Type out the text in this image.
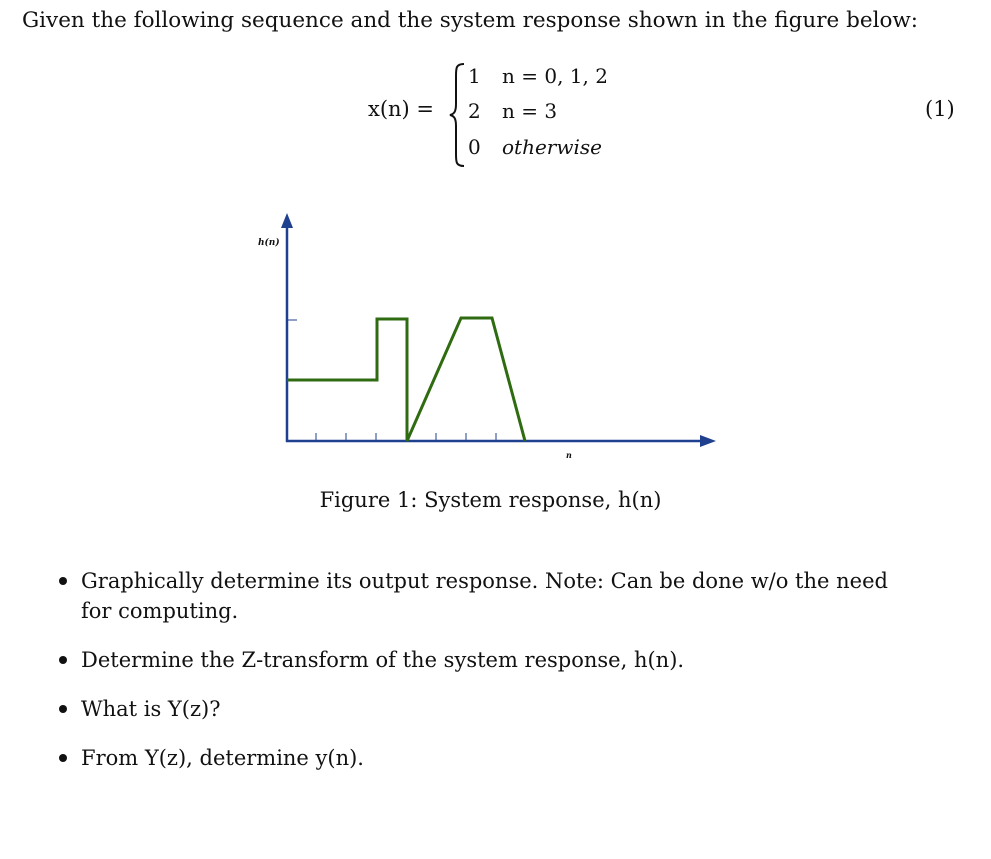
Given the following sequence and the system response shown in the figure below:
x(n) =
1 n = 0, 1, 2
2 n = 3
0 otherwise
(1)
h(n)
n
Figure 1: System response, h(n)
Graphically determine its output response. Note: Can be done w/o the need for computing.
Determine the Z-transform of the system response, h(n).
What is Y(z)?
From Y(z), determine y(n).
